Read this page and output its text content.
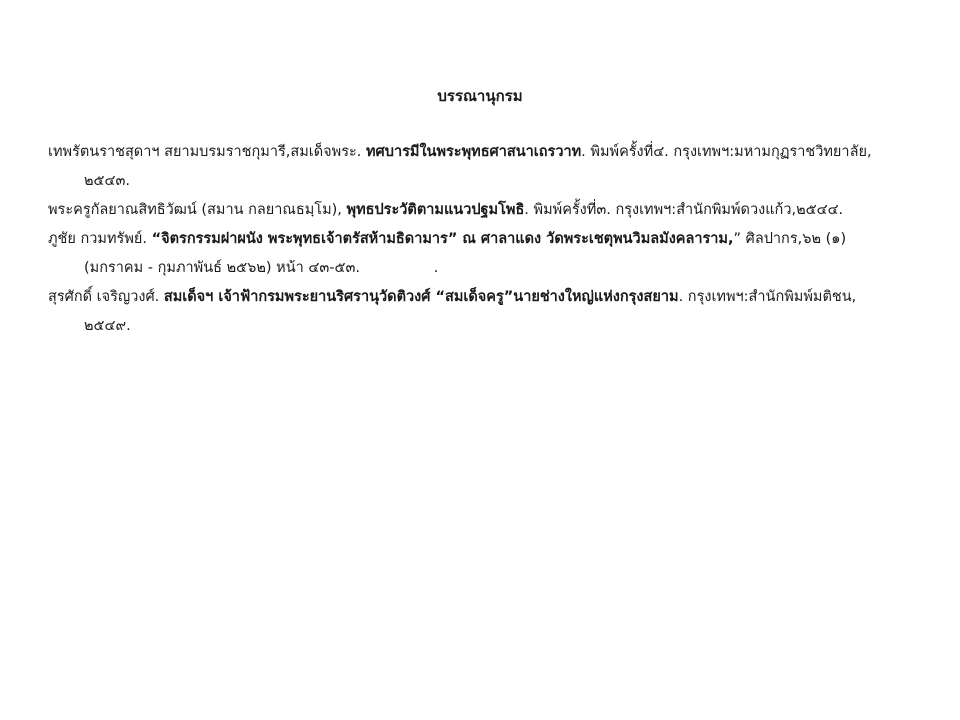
บรรณานุกรม
เทพรัตนราชสุดาฯ สยามบรมราชกุมารี,สมเด็จพระ. ทศบารมีในพระพุทธศาสนาเถรวาท. พิมพ์ครั้งที่๔. กรุงเทพฯ:มหามกุฏราชวิทยาลัย,
๒๕๔๓.
พระครูกัลยาณสิทธิวัฒน์ (สมาน กลยาณธมฺโม), พุทธประวัติตามแนวปฐมโพธิ. พิมพ์ครั้งที่๓. กรุงเทพฯ:สำนักพิมพ์ดวงแก้ว,๒๕๔๔.
ภูชัย กวมทรัพย์. “จิตรกรรมฝาผนัง พระพุทธเจ้าตรัสห้ามธิดามาร” ณ ศาลาแดง วัดพระเชตุพนวิมลมังคลาราม,” ศิลปากร,๖๒ (๑)
(มกราคม - กุมภาพันธ์ ๒๕๖๒) หน้า ๔๓-๕๓.                .
สุรศักดิ์ เจริญวงศ์. สมเด็จฯ เจ้าฟ้ากรมพระยานริศรานุวัดติวงศ์ “สมเด็จครู”นายช่างใหญ่แห่งกรุงสยาม. กรุงเทพฯ:สำนักพิมพ์มติชน,
๒๕๔๙.
